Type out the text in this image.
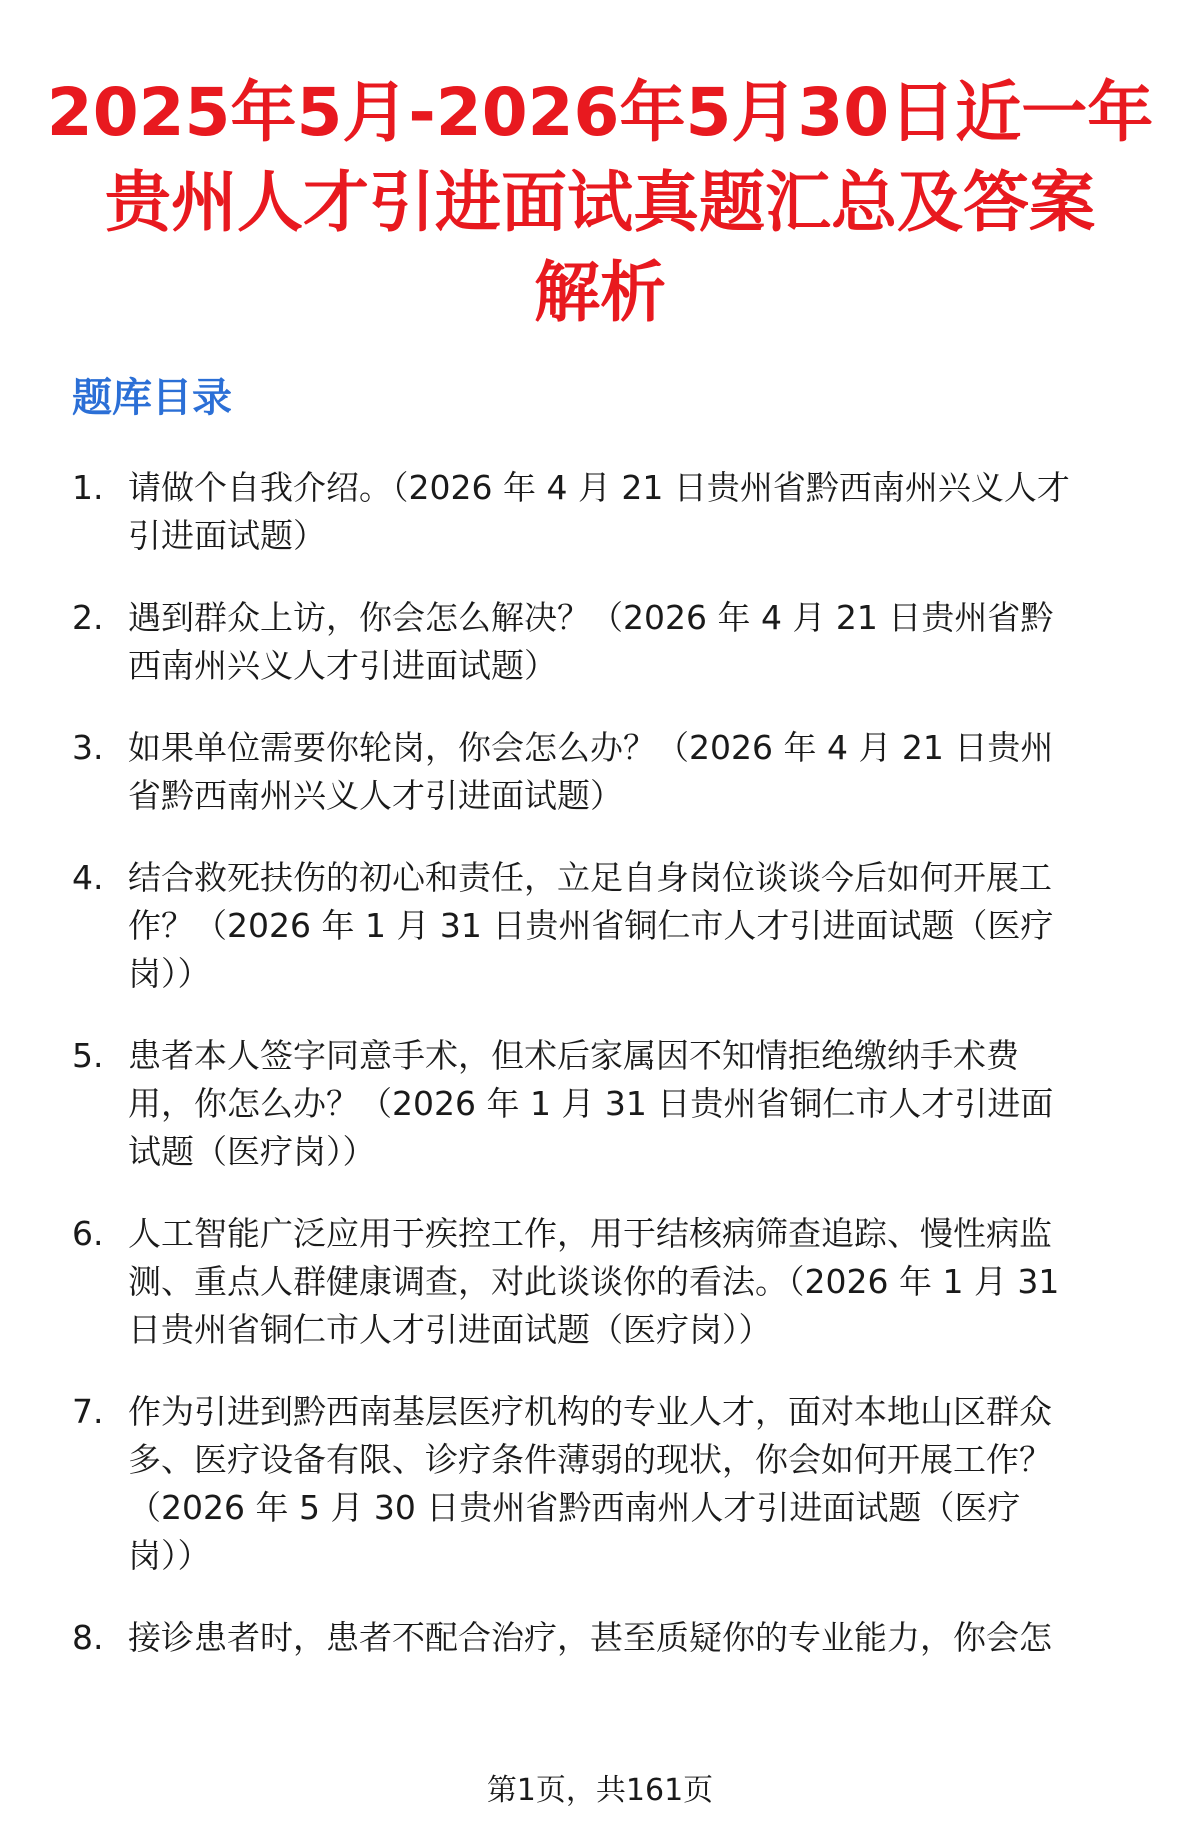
2025年5月-2026年5月30日近一年
贵州人才引进面试真题汇总及答案
解析
题库目录
1. 请做个自我介绍。（2026 年 4 月 21 日贵州省黔西南州兴义人才引进面试题）
2. 遇到群众上访，你会怎么解决？（2026 年 4 月 21 日贵州省黔西南州兴义人才引进面试题）
3. 如果单位需要你轮岗，你会怎么办？（2026 年 4 月 21 日贵州省黔西南州兴义人才引进面试题）
4. 结合救死扶伤的初心和责任，立足自身岗位谈谈今后如何开展工作？（2026 年 1 月 31 日贵州省铜仁市人才引进面试题（医疗岗））
5. 患者本人签字同意手术，但术后家属因不知情拒绝缴纳手术费用，你怎么办？（2026 年 1 月 31 日贵州省铜仁市人才引进面试题（医疗岗））
6. 人工智能广泛应用于疾控工作，用于结核病筛查追踪、慢性病监测、重点人群健康调查，对此谈谈你的看法。（2026 年 1 月 31 日贵州省铜仁市人才引进面试题（医疗岗））
7. 作为引进到黔西南基层医疗机构的专业人才，面对本地山区群众多、医疗设备有限、诊疗条件薄弱的现状，你会如何开展工作？（2026 年 5 月 30 日贵州省黔西南州人才引进面试题（医疗岗））
8. 接诊患者时，患者不配合治疗，甚至质疑你的专业能力，你会怎
第1页，共161页
